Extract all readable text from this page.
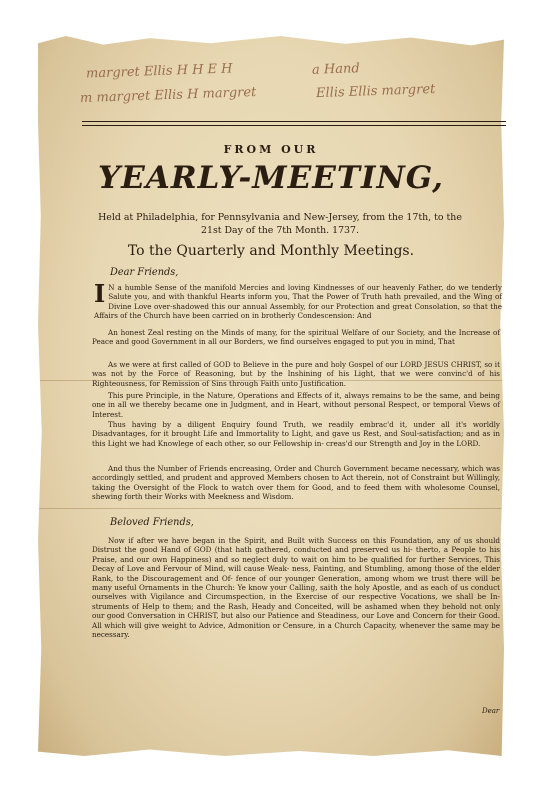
margret Ellis H H E H	a Hand
m margret Ellis H margret	Ellis Ellis margret
FROM OUR
YEARLY-MEETING,
Held at Philadelphia, for Pennsylvania and New-Jersey, from the 17th, to the
21st Day of the 7th Month. 1737.
To the Quarterly and Monthly Meetings.
Dear Friends,
I N a humble Sense of the manifold Mercies and loving Kindnesses of our heavenly Father, do we tenderly Salute you, and with thankful Hearts inform you, That the Power of Truth hath prevailed, and the Wing of Divine Love over-shadowed this our annual Assembly, for our Protection and great Consolation, so that the Affairs of the Church have been carried on in brotherly Condescension: And
An honest Zeal resting on the Minds of many, for the spiritual Welfare of our Society, and the Increase of Peace and good Government in all our Borders, we find ourselves engaged to put you in mind, That
As we were at first called of GOD to Believe in the pure and holy Gospel of our LORD JESUS CHRIST, so it was not by the Force of Reasoning, but by the Inshining of his Light, that we were convinc'd of his Righteousness, for Remission of Sins through Faith unto Justification.
This pure Principle, in the Nature, Operations and Effects of it, always remains to be the same, and being one in all we thereby became one in Judgment, and in Heart, without personal Respect, or temporal Views of Interest.
Thus having by a diligent Enquiry found Truth, we readily embrac'd it, under all it's worldly Disadvantages, for it brought Life and Immortality to Light, and gave us Rest, and Soul-satisfaction; and as in this Light we had Knowlege of each other, so our Fellowship in- creas'd our Strength and Joy in the LORD.
And thus the Number of Friends encreasing, Order and Church Government became necessary, which was accordingly settled, and prudent and approved Members chosen to Act therein, not of Constraint but Willingly, taking the Oversight of the Flock to watch over them for Good, and to feed them with wholesome Counsel, shewing forth their Works with Meekness and Wisdom.
Beloved Friends,
Now if after we have began in the Spirit, and Built with Success on this Foundation, any of us should Distrust the good Hand of GOD (that hath gathered, conducted and preserved us hi- therto, a People to his Praise, and our own Happiness) and so neglect duly to wait on him to be qualified for further Services, This Decay of Love and Fervour of Mind, will cause Weak- ness, Fainting, and Stumbling, among those of the elder Rank, to the Discouragement and Of- fence of our younger Generation, among whom we trust there will be many useful Ornaments in the Church: Ye know your Calling, saith the holy Apostle, and as each of us conduct ourselves with Vigilance and Circumspection, in the Exercise of our respective Vocations, we shall be In- struments of Help to them; and the Rash, Heady and Conceited, will be ashamed when they behold not only our good Conversation in CHRIST, but also our Patience and Steadiness, our Love and Concern for their Good. All which will give weight to Advice, Admonition or Censure, in a Church Capacity, whenever the same may be necessary.
Dear
